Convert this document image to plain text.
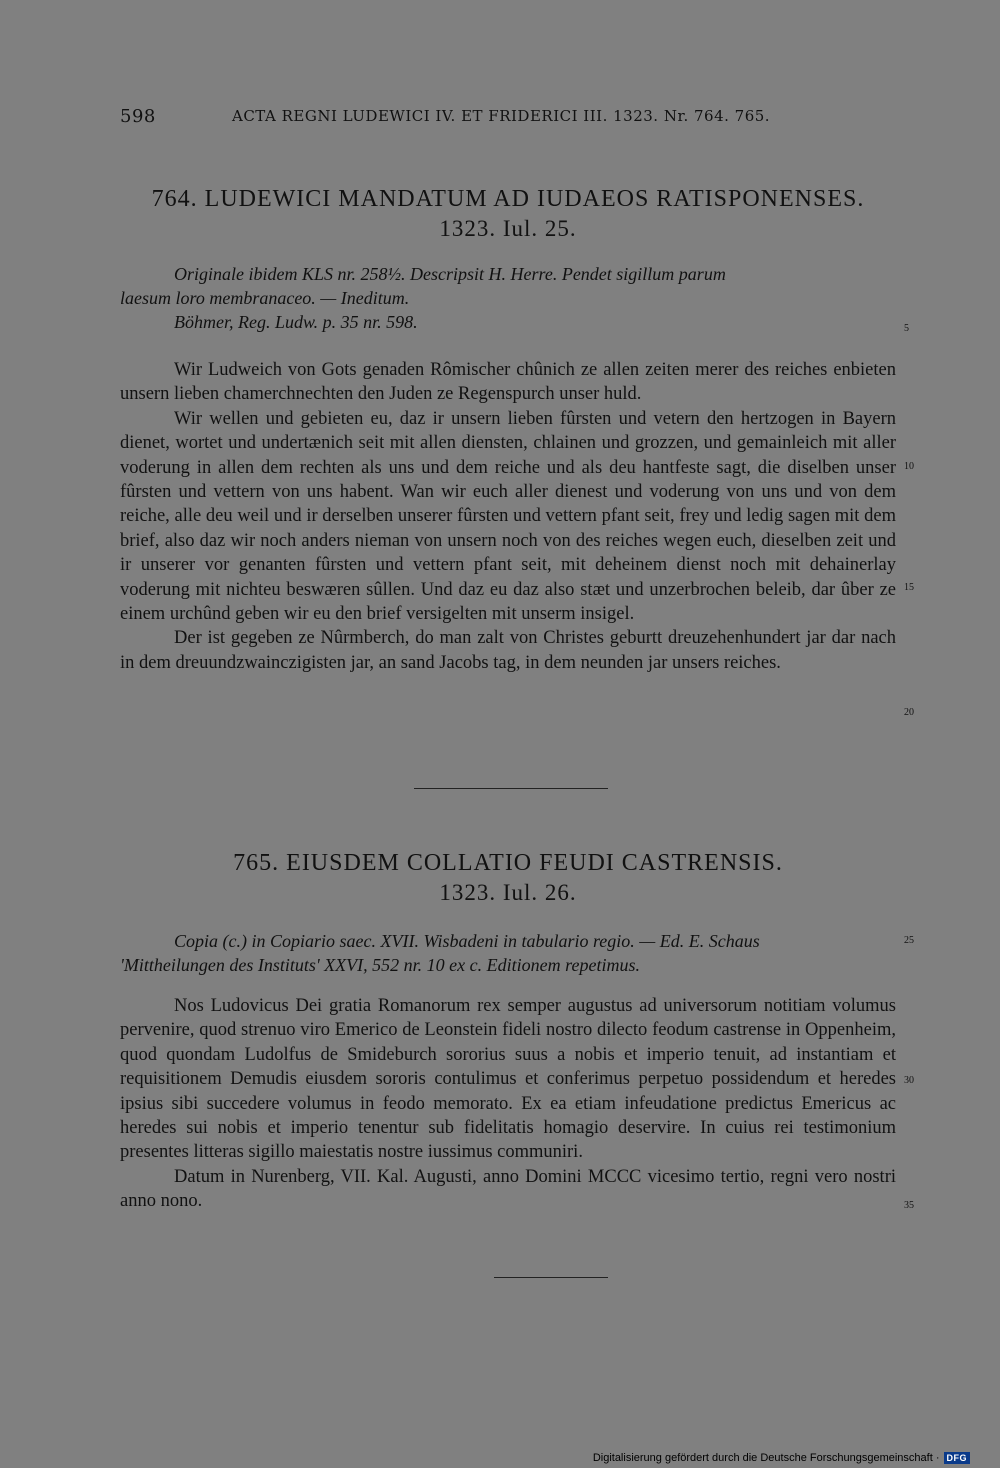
598	ACTA REGNI LUDEWICI IV. ET FRIDERICI III. 1323. Nr. 764. 765.
764. LUDEWICI MANDATUM AD IUDAEOS RATISPONENSES.
1323. Iul. 25.
Originale ibidem KLS nr. 258½. Descripsit H. Herre. Pendet sigillum parum
laesum loro membranaceo. — Ineditum.
Böhmer, Reg. Ludw. p. 35 nr. 598.

Wir Ludweich von Gots genaden Rômischer chûnich ze allen zeiten merer des reiches enbieten unsern lieben chamerchnechten den Juden ze Regenspurch unser huld.

Wir wellen und gebieten eu, daz ir unsern lieben fûrsten und vetern den hertzogen in Bayern dienet, wortet und undertænich seit mit allen diensten, chlainen und grozzen, und gemainleich mit aller voderung in allen dem rechten als uns und dem reiche und als deu hantfeste sagt, die diselben unser fûrsten und vettern von uns habent. Wan wir euch aller dienest und voderung von uns und von dem reiche, alle deu weil und ir derselben unserer fûrsten und vettern pfant seit, frey und ledig sagen mit dem brief, also daz wir noch anders nieman von unsern noch von des reiches wegen euch, dieselben zeit und ir unserer vor genanten fûrsten und vettern pfant seit, mit deheinem dienst noch mit dehainerlay voderung mit nichteu beswæren sûllen. Und daz eu daz also stæt und unzerbrochen beleib, dar ûber ze einem urchûnd geben wir eu den brief versigelten mit unserm insigel.

Der ist gegeben ze Nûrmberch, do man zalt von Christes geburtt dreuzehenhundert jar dar nach in dem dreuundzwainczigisten jar, an sand Jacobs tag, in dem neunden jar unsers reiches.

765. EIUSDEM COLLATIO FEUDI CASTRENSIS.
1323. Iul. 26.
Copia (c.) in Copiario saec. XVII. Wisbadeni in tabulario regio. — Ed. E. Schaus
'Mittheilungen des Instituts' XXVI, 552 nr. 10 ex c. Editionem repetimus.

Nos Ludovicus Dei gratia Romanorum rex semper augustus ad universorum notitiam volumus pervenire, quod strenuo viro Emerico de Leonstein fideli nostro dilecto feodum castrense in Oppenheim, quod quondam Ludolfus de Smideburch sororius suus a nobis et imperio tenuit, ad instantiam et requisitionem Demudis eiusdem sororis contulimus et conferimus perpetuo possidendum et heredes ipsius sibi succedere volumus in feodo memorato. Ex ea etiam infeudatione predictus Emericus ac heredes sui nobis et imperio tenentur sub fidelitatis homagio deservire. In cuius rei testimonium presentes litteras sigillo maiestatis nostre iussimus communiri.

Datum in Nurenberg, VII. Kal. Augusti, anno Domini MCCC vicesimo tertio, regni vero nostri anno nono.

5
10
15
20
25
30
35
Digitalisierung gefördert durch die Deutsche Forschungsgemeinschaft · DFG
